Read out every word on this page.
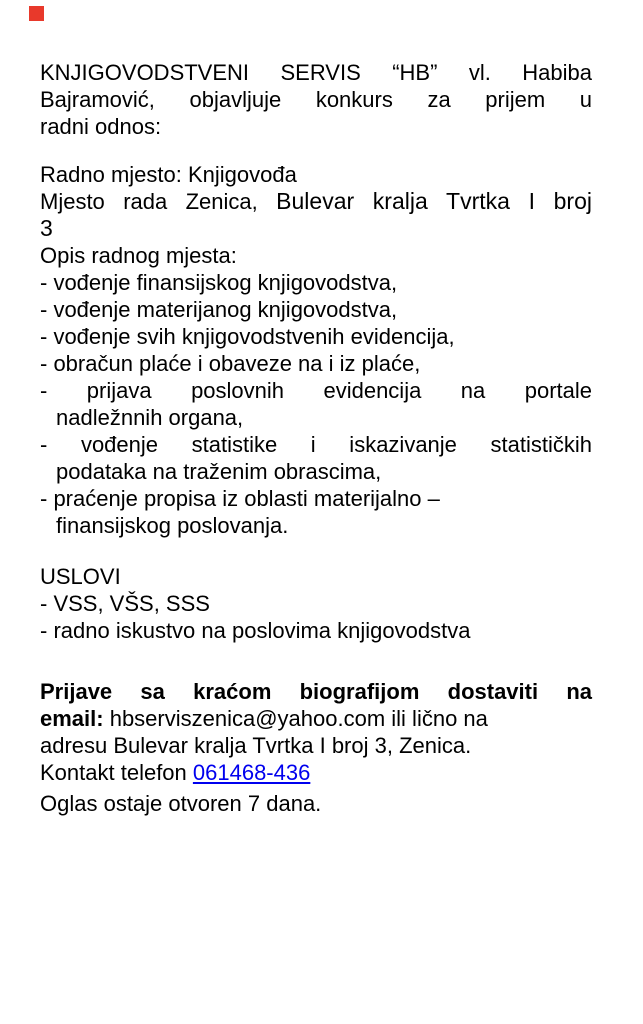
KNJIGOVODSTVENI SERVIS “HB” vl. Habiba
Bajramović, objavljuje konkurs za prijem u
radni odnos:
Radno mjesto: Knjigovođa
Mjesto rada Zenica, Bulevar kralja Tvrtka I broj
3
Opis radnog mjesta:
- vođenje finansijskog knjigovodstva,
- vođenje materijanog knjigovodstva,
- vođenje svih knjigovodstvenih evidencija,
- obračun plaće i obaveze na i iz plaće,
- prijava poslovnih evidencija na portale
nadležnnih organa,
- vođenje statistike i iskazivanje statističkih
podataka na traženim obrascima,
- praćenje propisa iz oblasti materijalno –
finansijskog poslovanja.
USLOVI
- VSS, VŠS, SSS
- radno iskustvo na poslovima knjigovodstva
Prijave sa kraćom biografijom dostaviti na
email: hbserviszenica@yahoo.com ili lično na
adresu Bulevar kralja Tvrtka I broj 3, Zenica.
Kontakt telefon 061468-436
Oglas ostaje otvoren 7 dana.
